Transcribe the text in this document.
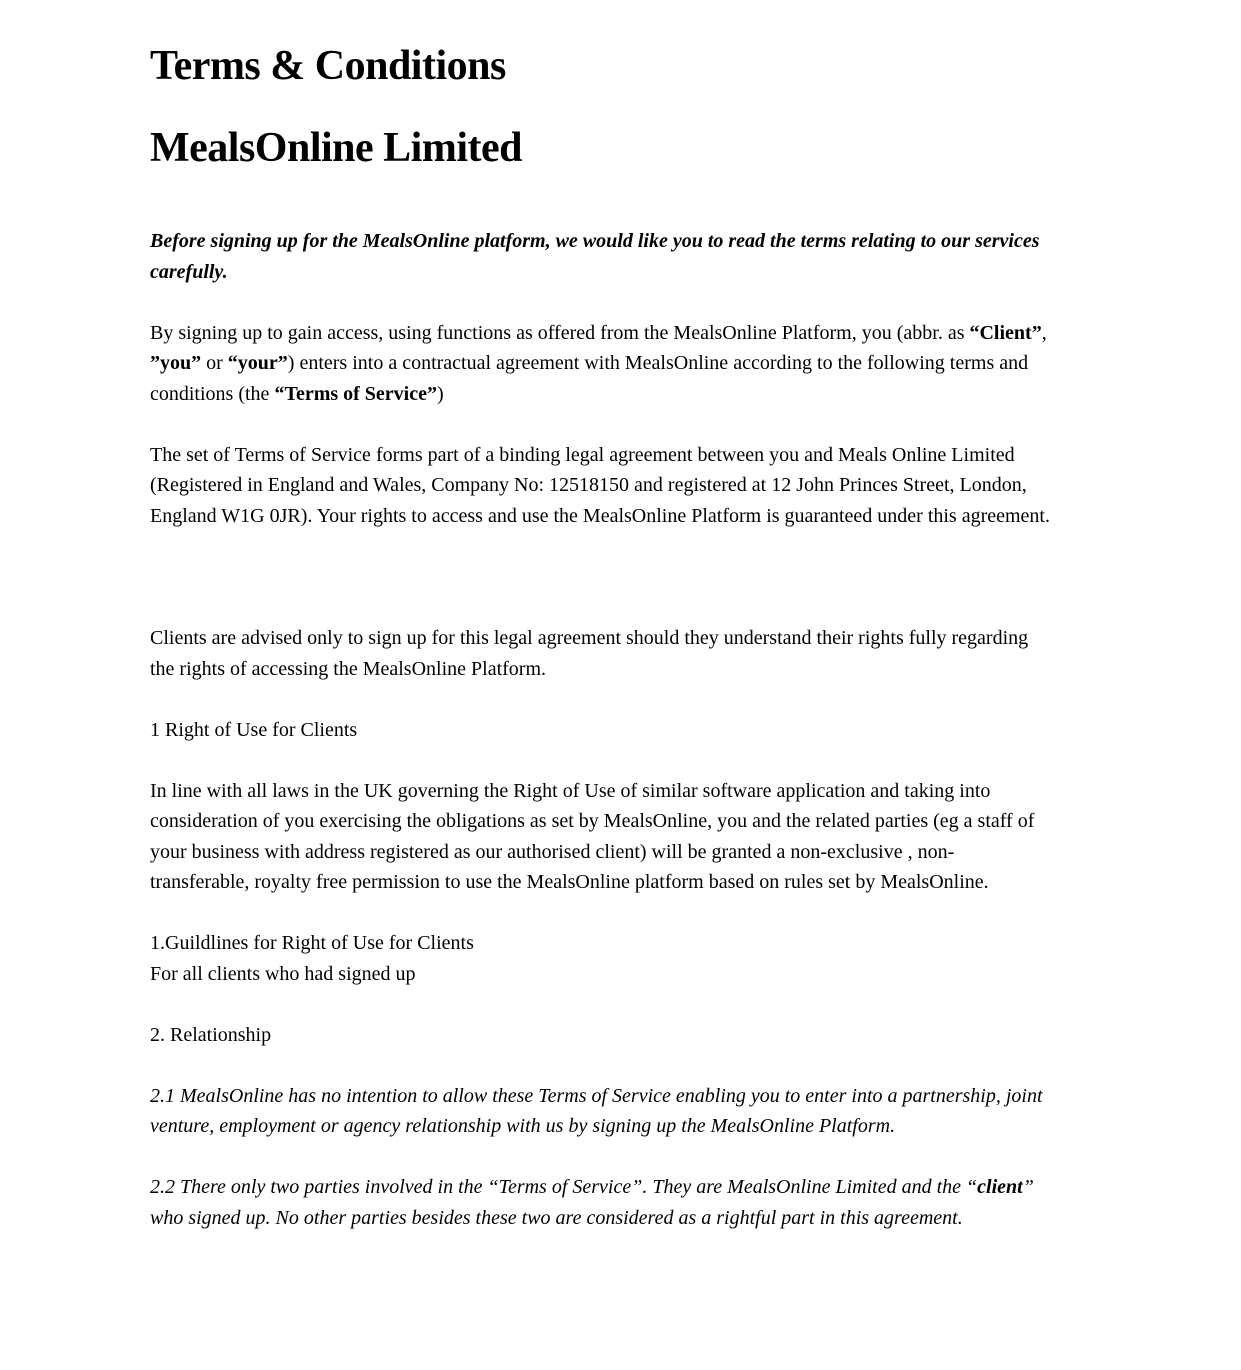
Terms & Conditions
MealsOnline Limited

Before signing up for the MealsOnline platform, we would like you to read the terms relating to our services carefully.

By signing up to gain access, using functions as offered from the MealsOnline Platform, you (abbr. as “Client”, ”you” or “your”) enters into a contractual agreement with MealsOnline according to the following terms and conditions (the “Terms of Service”)

The set of Terms of Service forms part of a binding legal agreement between you and Meals Online Limited (Registered in England and Wales, Company No: 12518150 and registered at 12 John Princes Street, London, England W1G 0JR). Your rights to access and use the MealsOnline Platform is guaranteed under this agreement.

Clients are advised only to sign up for this legal agreement should they understand their rights fully regarding the rights of accessing the MealsOnline Platform.

1 Right of Use for Clients

In line with all laws in the UK governing the Right of Use of similar software application and taking into consideration of you exercising the obligations as set by MealsOnline, you and the related parties (eg a staff of your business with address registered as our authorised client) will be granted a non-exclusive , non-transferable, royalty free permission to use the MealsOnline platform based on rules set by MealsOnline.

1.Guildlines for Right of Use for Clients
For all clients who had signed up

2. Relationship

2.1 MealsOnline has no intention to allow these Terms of Service enabling you to enter into a partnership, joint venture, employment or agency relationship with us by signing up the MealsOnline Platform.

2.2 There only two parties involved in the “Terms of Service”. They are MealsOnline Limited and the “client” who signed up. No other parties besides these two are considered as a rightful part in this agreement.
